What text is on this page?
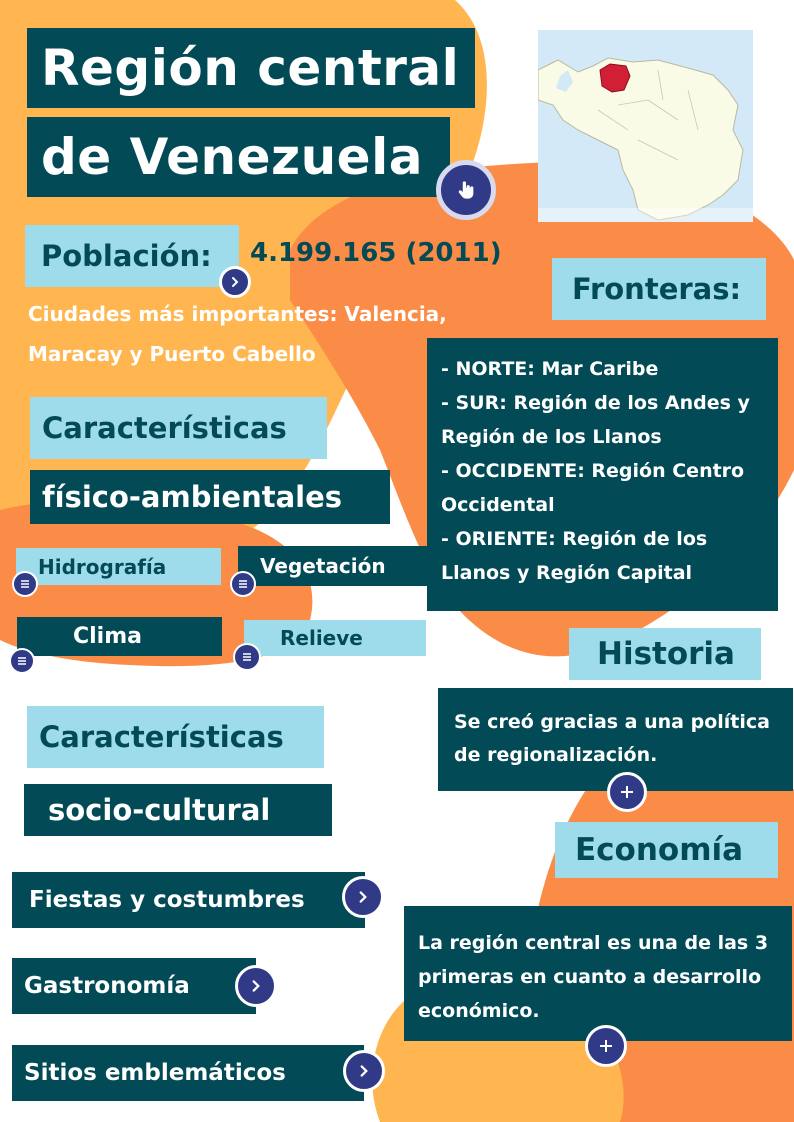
Región central
de Venezuela
Población: 4.199.165 (2011)
Ciudades más importantes: Valencia,
Maracay y Puerto Cabello
Fronteras:
- NORTE: Mar Caribe
- SUR: Región de los Andes y
Región de los Llanos
- OCCIDENTE: Región Centro
Occidental
- ORIENTE: Región de los
Llanos y Región Capital
Características
físico-ambientales
Hidrografía	Vegetación
Clima	Relieve	Historia
Se creó gracias a una política
de regionalización.
Características
socio-cultural
Economía
La región central es una de las 3
primeras en cuanto a desarrollo
económico.
Fiestas y costumbres
Gastronomía
Sitios emblemáticos
